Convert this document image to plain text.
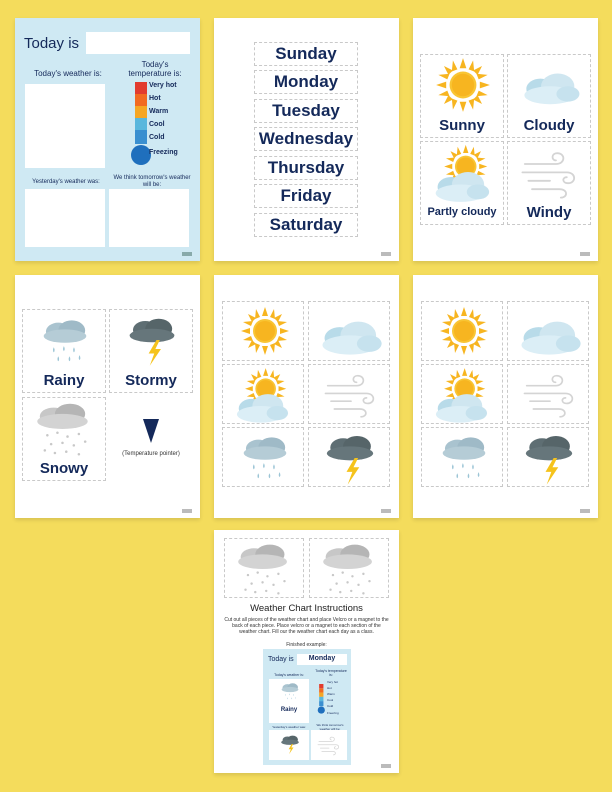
Today is
Today's weather is:
Today's temperature is:
Very hot
Hot
Warm
Cool
Cold
Freezing
Yesterday's weather was:
We think tomorrow's weather will be:
Sunday
Monday
Tuesday
Wednesday
Thursday
Friday
Saturday
Sunny	Cloudy
Partly cloudy	Windy
Rainy	Stormy
Snowy
(Temperature pointer)
Weather Chart Instructions
Cut out all pieces of the weather chart and place Velcro or a magnet to the back of each piece. Place velcro or a magnet to each section of the weather chart. Fill our the weather chart each day as a class.
Finished example:
Today is	Monday
Today's weather is:
Rainy
Today's temperature is:
Very hot
Hot
Warm
Cool
Cold
Freezing
Yesterday's weather was:	We think tomorrow's weather will be:
